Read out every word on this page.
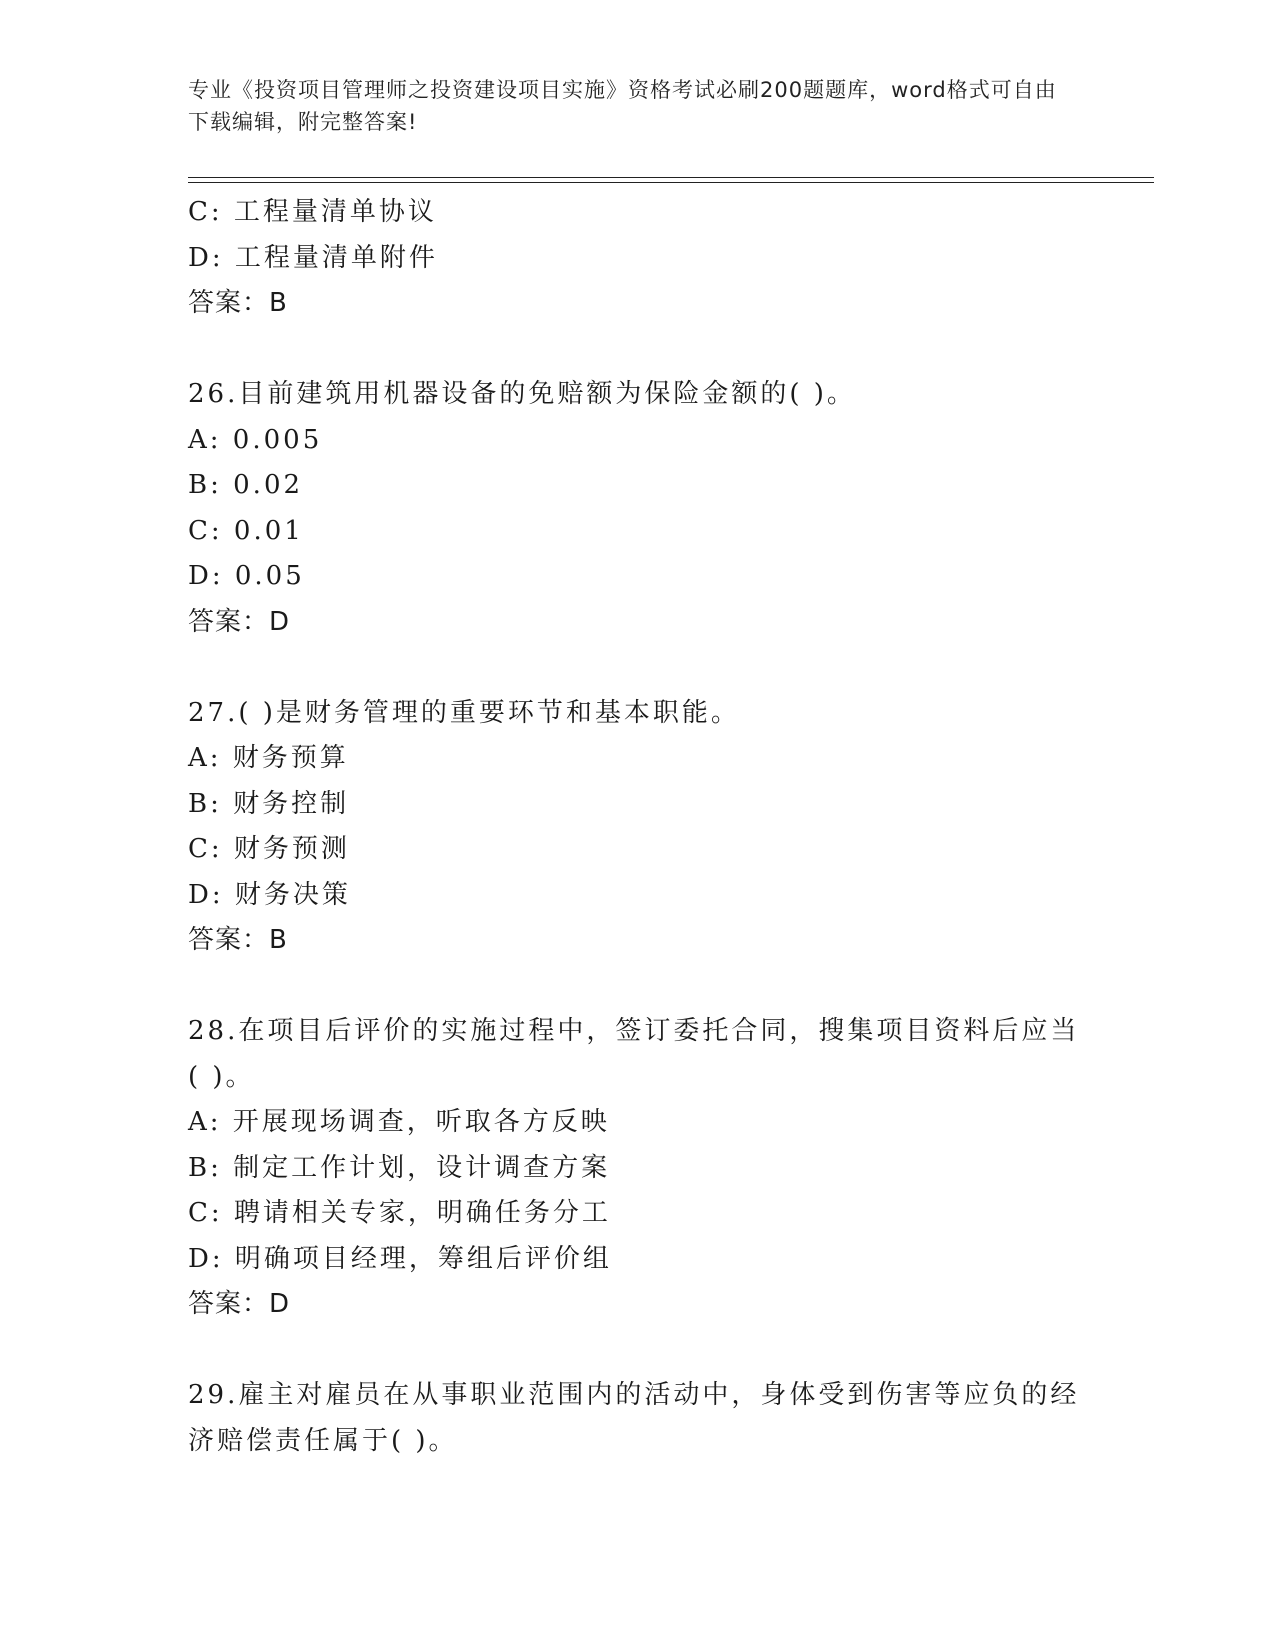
专业《投资项目管理师之投资建设项目实施》资格考试必刷200题题库，word格式可自由下载编辑，附完整答案!
C: 工程量清单协议
D: 工程量清单附件
答案：B
26.目前建筑用机器设备的免赔额为保险金额的( )。
A: 0.005
B: 0.02
C: 0.01
D: 0.05
答案：D
27.( )是财务管理的重要环节和基本职能。
A: 财务预算
B: 财务控制
C: 财务预测
D: 财务决策
答案：B
28.在项目后评价的实施过程中，签订委托合同，搜集项目资料后应当
( )。
A: 开展现场调查，听取各方反映
B: 制定工作计划，设计调查方案
C: 聘请相关专家，明确任务分工
D: 明确项目经理，筹组后评价组
答案：D
29.雇主对雇员在从事职业范围内的活动中，身体受到伤害等应负的经
济赔偿责任属于( )。
